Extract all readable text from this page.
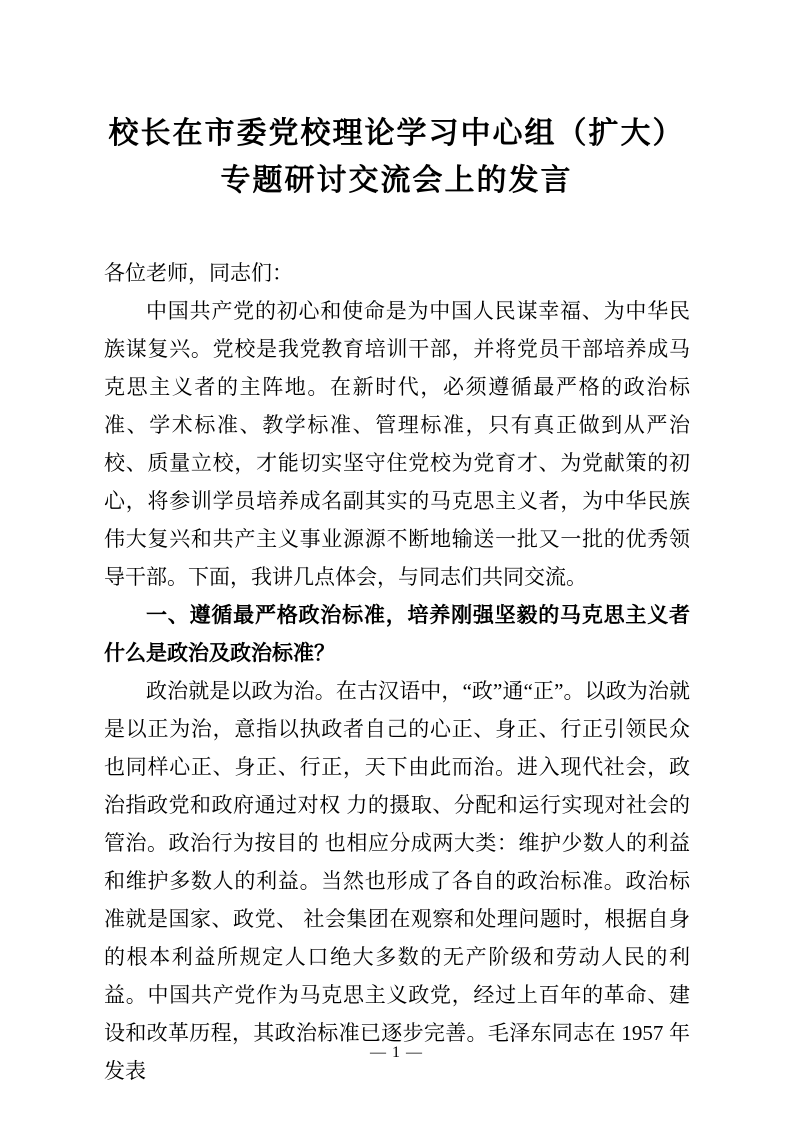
校长在市委党校理论学习中心组（扩大）
专题研讨交流会上的发言

各位老师，同志们：

中国共产党的初心和使命是为中国人民谋幸福、为中华民族谋复兴。党校是我党教育培训干部，并将党员干部培养成马克思主义者的主阵地。在新时代，必须遵循最严格的政治标准、学术标准、教学标准、管理标准，只有真正做到从严治校、质量立校，才能切实坚守住党校为党育才、为党献策的初心，将参训学员培养成名副其实的马克思主义者，为中华民族伟大复兴和共产主义事业源源不断地输送一批又一批的优秀领导干部。下面，我讲几点体会，与同志们共同交流。

一、遵循最严格政治标准，培养刚强坚毅的马克思主义者什么是政治及政治标准？

政治就是以政为治。在古汉语中，“政”通“正”。以政为治就是以正为治，意指以执政者自己的心正、身正、行正引领民众也同样心正、身正、行正，天下由此而治。进入现代社会，政治指政党和政府通过对权 力的摄取、分配和运行实现对社会的管治。政治行为按目的 也相应分成两大类：维护少数人的利益和维护多数人的利益。当然也形成了各自的政治标准。政治标准就是国家、政党、 社会集团在观察和处理问题时，根据自身的根本利益所规定人口绝大多数的无产阶级和劳动人民的利益。中国共产党作为马克思主义政党，经过上百年的革命、建设和改革历程，其政治标准已逐步完善。毛泽东同志在 1957 年发表

— 1 —
